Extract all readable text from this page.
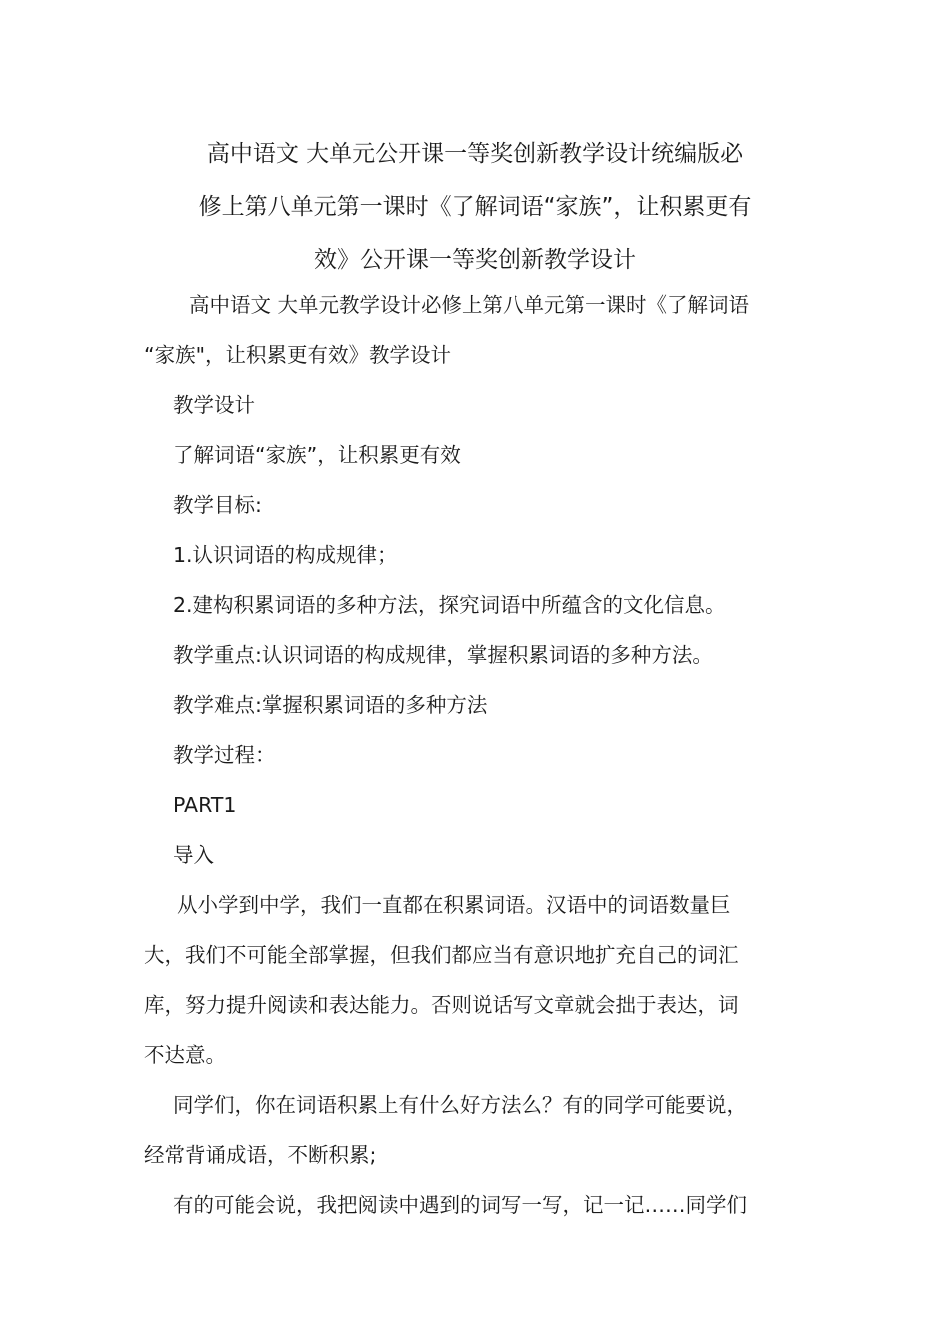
高中语文 大单元公开课一等奖创新教学设计统编版必
修上第八单元第一课时《了解词语“家族”，让积累更有
效》公开课一等奖创新教学设计

高中语文 大单元教学设计必修上第八单元第一课时《了解词语

“家族"，让积累更有效》教学设计

教学设计

了解词语“家族”，让积累更有效

教学目标:

1.认识词语的构成规律；

2.建构积累词语的多种方法，探究词语中所蕴含的文化信息。

教学重点:认识词语的构成规律，掌握积累词语的多种方法。

教学难点:掌握积累词语的多种方法

教学过程：

PART1

导入

从小学到中学，我们一直都在积累词语。汉语中的词语数量巨

大，我们不可能全部掌握，但我们都应当有意识地扩充自己的词汇

库，努力提升阅读和表达能力。否则说话写文章就会拙于表达，词

不达意。

同学们，你在词语积累上有什么好方法么？有的同学可能要说，

经常背诵成语，不断积累;

有的可能会说，我把阅读中遇到的词写一写，记一记……同学们
